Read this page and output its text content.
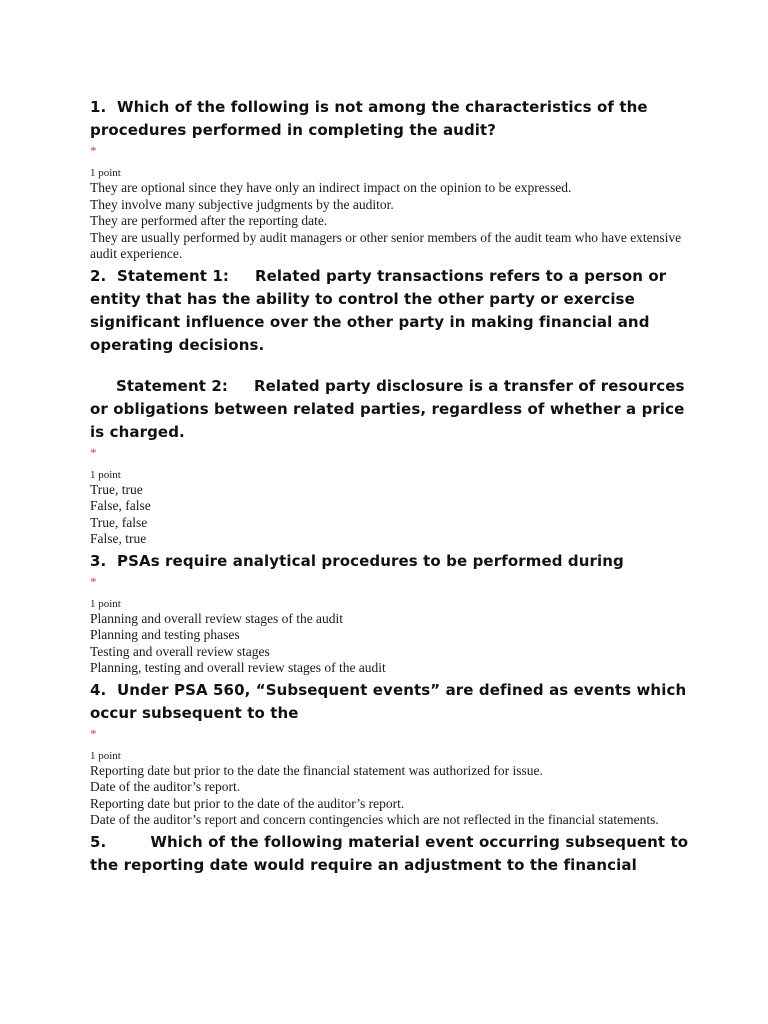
1. Which of the following is not among the characteristics of the procedures performed in completing the audit?

*
1 point
They are optional since they have only an indirect impact on the opinion to be expressed.
They involve many subjective judgments by the auditor.
They are performed after the reporting date.
They are usually performed by audit managers or other senior members of the audit team who have extensive audit experience.

2. Statement 1: Related party transactions refers to a person or entity that has the ability to control the other party or exercise significant influence over the other party in making financial and operating decisions.

Statement 2: Related party disclosure is a transfer of resources or obligations between related parties, regardless of whether a price is charged.

*
1 point
True, true
False, false
True, false
False, true

3. PSAs require analytical procedures to be performed during

*
1 point
Planning and overall review stages of the audit
Planning and testing phases
Testing and overall review stages
Planning, testing and overall review stages of the audit

4. Under PSA 560, “Subsequent events” are defined as events which occur subsequent to the

*
1 point
Reporting date but prior to the date the financial statement was authorized for issue.
Date of the auditor’s report.
Reporting date but prior to the date of the auditor’s report.
Date of the auditor’s report and concern contingencies which are not reflected in the financial statements.

5.	Which of the following material event occurring subsequent to the reporting date would require an adjustment to the financial
